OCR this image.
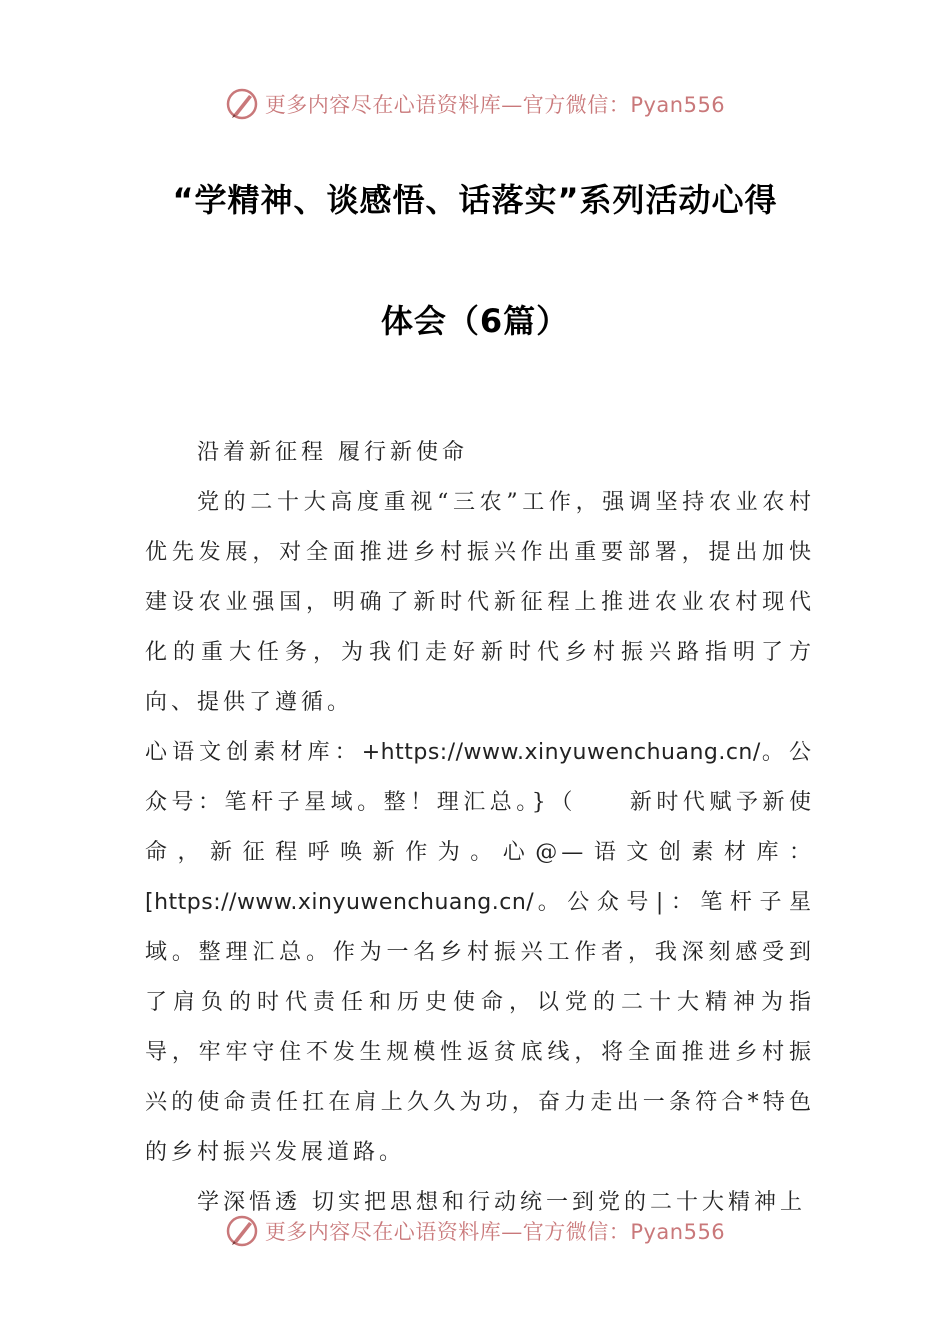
更多内容尽在心语资料库—官方微信：Pyan556
“学精神、谈感悟、话落实”系列活动心得
体会（6篇）

沿着新征程 履行新使命

党的二十大高度重视“三农”工作，强调坚持农业农村优先发展，对全面推进乡村振兴作出重要部署，提出加快建设农业强国，明确了新时代新征程上推进农业农村现代化的重大任务，为我们走好新时代乡村振兴路指明了方向、提供了遵循。

心语文创素材库：+https://www.xinyuwenchuang.cn/。公众号：笔杆子星域。整！理汇总。}（　　新时代赋予新使命，新征程呼唤新作为。心@—语文创素材库：[https://www.xinyuwenchuang.cn/。公众号|：笔杆子星域。整理汇总。作为一名乡村振兴工作者，我深刻感受到了肩负的时代责任和历史使命，以党的二十大精神为指导，牢牢守住不发生规模性返贫底线，将全面推进乡村振兴的使命责任扛在肩上久久为功，奋力走出一条符合*特色的乡村振兴发展道路。

学深悟透 切实把思想和行动统一到党的二十大精神上

更多内容尽在心语资料库—官方微信：Pyan556
